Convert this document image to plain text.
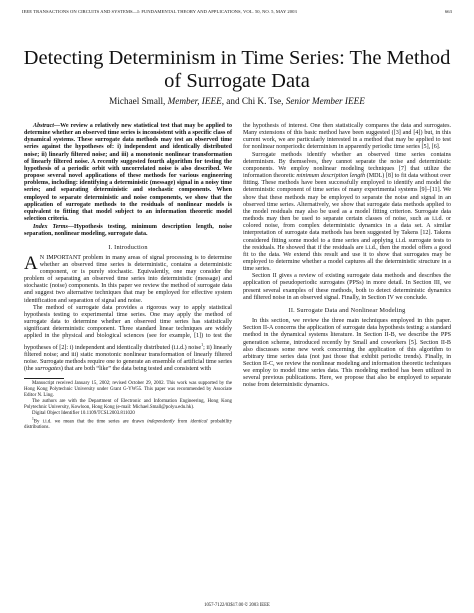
IEEE TRANSACTIONS ON CIRCUITS AND SYSTEMS—I: FUNDAMENTAL THEORY AND APPLICATIONS, VOL. 50, NO. 5, MAY 2003	663
Detecting Determinism in Time Series: The Method of Surrogate Data
Michael Small, Member, IEEE, and Chi K. Tse, Senior Member IEEE

Abstract—We review a relatively new statistical test that may be applied to determine whether an observed time series is inconsistent with a specific class of dynamical systems. These surrogate data methods may test an observed time series against the hypotheses of: i) independent and identically distributed noise; ii) linearly filtered noise; and iii) a monotonic nonlinear transformation of linearly filtered noise. A recently suggested fourth algorithm for testing the hypothesis of a periodic orbit with uncorrelated noise is also described. We propose several novel applications of these methods for various engineering problems, including: identifying a deterministic (message) signal in a noisy time series; and separating deterministic and stochastic components. When employed to separate deterministic and noise components, we show that the application of surrogate methods to the residuals of nonlinear models is equivalent to fitting that model subject to an information theoretic model selection criteria.

Index Terms—Hypothesis testing, minimum description length, noise separation, nonlinear modeling, surrogate data.

I. Introduction

A N IMPORTANT problem in many areas of signal processing is to determine whether an observed time series is deterministic, contains a deterministic component, or is purely stochastic. Equivalently, one may consider the problem of separating an observed time series into deterministic (message) and stochastic (noise) components. In this paper we review the method of surrogate data and suggest two alternative techniques that may be employed for effective system identification and separation of signal and noise.

The method of surrogate data provides a rigorous way to apply statistical hypothesis testing to experimental time series. One may apply the method of surrogate data to determine whether an observed time series has statistically significant deterministic component. Three standard linear techniques are widely applied in the physical and biological sciences (see for example, [1]) to test the hypotheses of [2]: i) independent and identically distributed (i.i.d.) noise$^1$; ii) linearly filtered noise; and iii) static monotonic nonlinear transformation of linearly filtered noise. Surrogate methods require one to generate an ensemble of artificial time series (the surrogates) that are both “like” the data being tested and consistent with

Manuscript received January 15, 2002; revised October 29, 2002. This work was supported by the Hong Kong Polytechnic University under Grant G-YW55. This paper was recommended by Associate Editor N. Ling.

The authors are with the Department of Electronic and Information Engineering, Hong Kong Polytechnic University, Kowloon, Hong Kong (e-mail: Michael.Small@polyu.edu.hk).

Digital Object Identifier 10.1109/TCSI.2003.811020

$^1$By i.i.d. we mean that the time series are drawn independently from identical probability distributions.

the hypothesis of interest. One then statistically compares the data and surrogates. Many extensions of this basic method have been suggested ([3] and [4]) but, in this current work, we are particularly interested in a method that may be applied to test for nonlinear nonperiodic determinism in apparently periodic time series [5], [6].

Surrogate methods identify whether an observed time series contains determinism. By themselves, they cannot separate the noise and deterministic components. We employ nonlinear modeling techniques [7] that utilize the information theoretic minimum description length (MDL) [8] to fit data without over fitting. These methods have been successfully employed to identify and model the deterministic component of time series of many experimental systems [9]–[11]. We show that these methods may be employed to separate the noise and signal in an observed time series. Alternatively, we show that surrogate data methods applied to the model residuals may also be used as a model fitting criterion. Surrogate data methods may then be used to separate certain classes of noise, such as i.i.d. or colored noise, from complex deterministic dynamics in a data set. A similar interpretation of surrogate data methods has been suggested by Takens [12]. Takens considered fitting some model to a time series and applying i.i.d. surrogate tests to the residuals. He showed that if the residuals are i.i.d., then the model offers a good fit to the data. We extend this result and use it to show that surrogates may be employed to determine whether a model captures all the deterministic structure in a time series.

Section II gives a review of existing surrogate data methods and describes the application of pseudoperiodic surrogates (PPSs) in more detail. In Section III, we present several examples of these methods, both to detect deterministic dynamics and filtered noise in an observed signal. Finally, in Section IV we conclude.

II. Surrogate Data and Nonlinear Modeling

In this section, we review the three main techniques employed in this paper. Section II-A concerns the application of surrogate data hypothesis testing: a standard method in the dynamical systems literature. In Section II-B, we describe the PPS generation scheme, introduced recently by Small and coworkers [5]. Section II-B also discusses some new work concerning the application of this algorithm to arbitrary time series data (not just those that exhibit periodic trends). Finally, in Section II-C, we review the nonlinear modeling and information theoretic techniques we employ to model time series data. This modeling method has been utilized in several previous publications. Here, we propose that also be employed to separate noise from deterministic dynamics.

1057-7122/03$17.00 © 2003 IEEE
